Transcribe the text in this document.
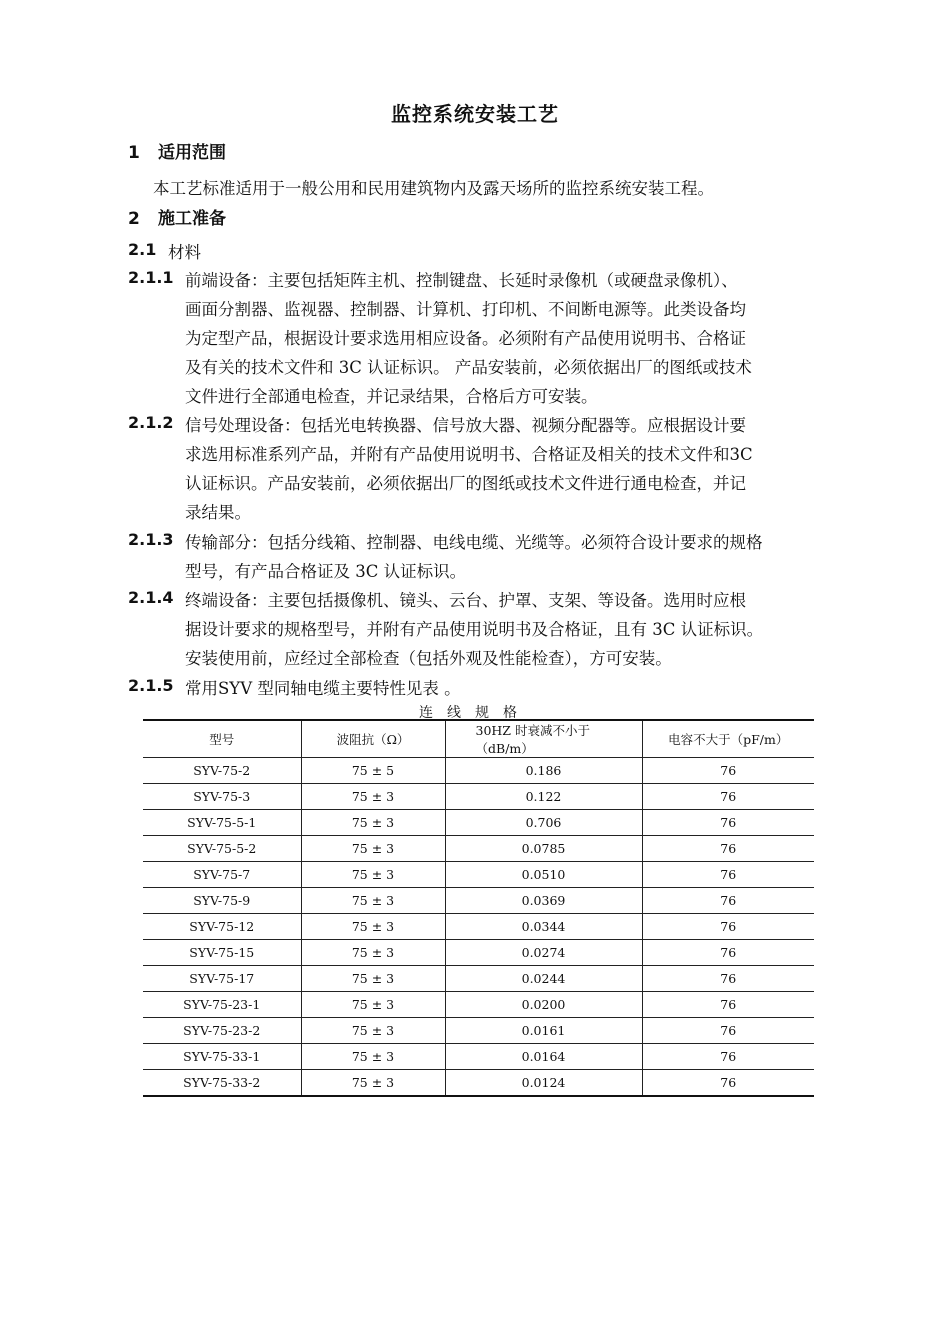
监控系统安装工艺
1 适用范围
本工艺标准适用于一般公用和民用建筑物内及露天场所的监控系统安装工程。
2 施工准备
2.1 材料
2.1.1 前端设备：主要包括矩阵主机、控制键盘、长延时录像机（或硬盘录像机）、
画面分割器、监视器、控制器、计算机、打印机、不间断电源等。此类设备均
为定型产品，根据设计要求选用相应设备。必须附有产品使用说明书、合格证
及有关的技术文件和 3C 认证标识。 产品安装前，必须依据出厂的图纸或技术
文件进行全部通电检查，并记录结果，合格后方可安装。
2.1.2 信号处理设备：包括光电转换器、信号放大器、视频分配器等。应根据设计要
求选用标准系列产品，并附有产品使用说明书、合格证及相关的技术文件和3C
认证标识。产品安装前，必须依据出厂的图纸或技术文件进行通电检查，并记
录结果。
2.1.3 传输部分：包括分线箱、控制器、电线电缆、光缆等。必须符合设计要求的规格
型号，有产品合格证及 3C 认证标识。
2.1.4 终端设备：主要包括摄像机、镜头、云台、护罩、支架、等设备。选用时应根
据设计要求的规格型号，并附有产品使用说明书及合格证，且有 3C 认证标识。
安装使用前，应经过全部检查（包括外观及性能检查），方可安装。
2.1.5 常用SYV 型同轴电缆主要特性见表 。
连线规格
型号	波阻抗（Ω）	30HZ 时衰减不小于（dB/m）	电容不大于（pF/m）
SYV-75-2	75 ± 5	0.186	76
SYV-75-3	75 ± 3	0.122	76
SYV-75-5-1	75 ± 3	0.706	76
SYV-75-5-2	75 ± 3	0.0785	76
SYV-75-7	75 ± 3	0.0510	76
SYV-75-9	75 ± 3	0.0369	76
SYV-75-12	75 ± 3	0.0344	76
SYV-75-15	75 ± 3	0.0274	76
SYV-75-17	75 ± 3	0.0244	76
SYV-75-23-1	75 ± 3	0.0200	76
SYV-75-23-2	75 ± 3	0.0161	76
SYV-75-33-1	75 ± 3	0.0164	76
SYV-75-33-2	75 ± 3	0.0124	76
